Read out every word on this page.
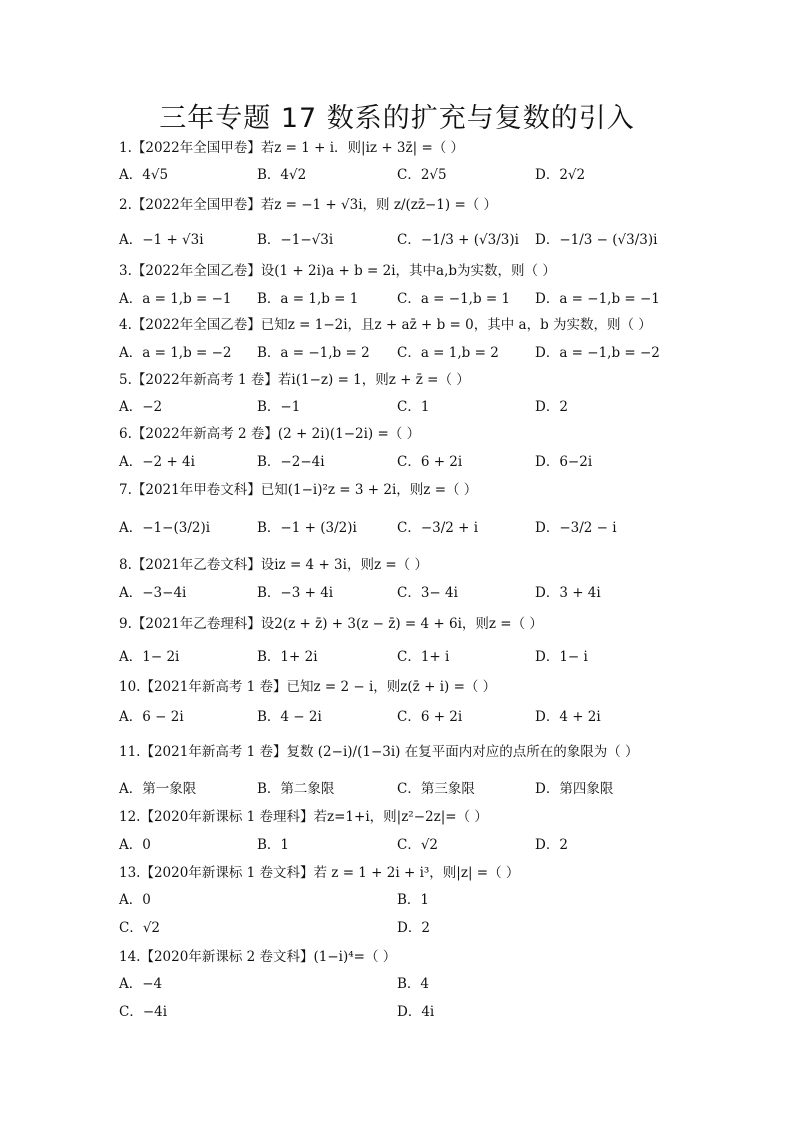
三年专题 17 数系的扩充与复数的引入
1.【2022年全国甲卷】若z = 1 + i．则|iz + 3z̄| =（ ）
A．4√5	B．4√2	C．2√5	D．2√2
2.【2022年全国甲卷】若z = −1 + √3i，则 z/(zz̄−1) =（ ）
A．−1 + √3i	B．−1−√3i	C．−1/3 + (√3/3)i D．−1/3 − (√3/3)i
3.【2022年全国乙卷】设(1 + 2i)a + b = 2i，其中a,b为实数，则（ ）
A．a = 1,b = −1 B．a = 1,b = 1	C．a = −1,b = 1 D．a = −1,b = −1
4.【2022年全国乙卷】已知z = 1−2i，且z + az̄ + b = 0，其中 a，b 为实数，则（ ）
A．a = 1,b = −2 B．a = −1,b = 2 C．a = 1,b = 2	D．a = −1,b = −2
5.【2022年新高考 1 卷】若i(1−z) = 1，则z + z̄ =（ ）
A．−2	B．−1	C．1	D．2
6.【2022年新高考 2 卷】(2 + 2i)(1−2i) =（ ）
A．−2 + 4i	B．−2−4i	C．6 + 2i	D．6−2i
7.【2021年甲卷文科】已知(1−i)²z = 3 + 2i，则z =（ ）
A．−1−(3/2)i	B．−1 + (3/2)i	C．−3/2 + i	D．−3/2 − i
8.【2021年乙卷文科】设iz = 4 + 3i，则z =（ ）
A．−3−4i	B．−3 + 4i	C．3− 4i	D．3 + 4i
9.【2021年乙卷理科】设2(z + z̄) + 3(z − z̄) = 4 + 6i，则z =（ ）
A．1− 2i	B．1+ 2i	C．1+ i	D．1− i
10.【2021年新高考 1 卷】已知z = 2 − i，则z(z̄ + i) =（ ）
A．6 − 2i	B．4 − 2i	C．6 + 2i	D．4 + 2i
11.【2021年新高考 1 卷】复数 (2−i)/(1−3i) 在复平面内对应的点所在的象限为（ ）
A．第一象限	B．第二象限	C．第三象限	D．第四象限
12.【2020年新课标 1 卷理科】若z=1+i，则|z²−2z|=（ ）
A．0	B．1	C．√2	D．2
13.【2020年新课标 1 卷文科】若 z = 1 + 2i + i³，则|z| =（ ）
A．0	B．1
C．√2	D．2
14.【2020年新课标 2 卷文科】(1−i)⁴=（ ）
A．−4	B．4
C．−4i	D．4i
